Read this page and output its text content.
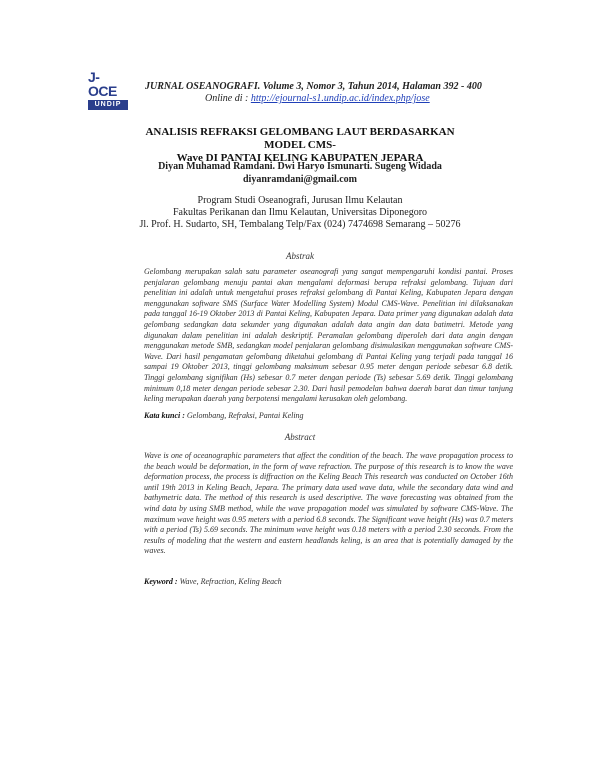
J-OCE
UNDIP
JURNAL OSEANOGRAFI. Volume 3, Nomor 3, Tahun 2014, Halaman 392 - 400
Online di : http://ejournal-s1.undip.ac.id/index.php/jose
ANALISIS REFRAKSI GELOMBANG LAUT BERDASARKAN MODEL CMS-
Wave DI PANTAI KELING KABUPATEN JEPARA
Diyan Muhamad Ramdani. Dwi Haryo Ismunarti. Sugeng Widada
diyanramdani@gmail.com
Program Studi Oseanografi, Jurusan Ilmu Kelautan
Fakultas Perikanan dan Ilmu Kelautan, Universitas Diponegoro
Jl. Prof. H. Sudarto, SH, Tembalang Telp/Fax (024) 7474698 Semarang – 50276
Abstrak

Gelombang merupakan salah satu parameter oseanografi yang sangat mempengaruhi kondisi pantai. Proses penjalaran gelombang menuju pantai akan mengalami deformasi berupa refraksi gelombang. Tujuan dari penelitian ini adalah untuk mengetahui proses refraksi gelombang di Pantai Keling, Kabupaten Jepara dengan menggunakan software SMS (Surface Water Modelling System) Modul CMS-Wave. Penelitian ini dilaksanakan pada tanggal 16-19 Oktober 2013 di Pantai Keling, Kabupaten Jepara. Data primer yang digunakan adalah data gelombang sedangkan data sekunder yang digunakan adalah data angin dan data batimetri. Metode yang digunakan dalam penelitian ini adalah deskriptif. Peramalan gelombang diperoleh dari data angin dengan menggunakan metode SMB, sedangkan model penjalaran gelombang disimulasikan menggunakan software CMS-Wave. Dari hasil pengamatan gelombang diketahui gelombang di Pantai Keling yang terjadi pada tanggal 16 sampai 19 Oktober 2013, tinggi gelombang maksimum sebesar 0.95 meter dengan periode sebesar 6.8 detik. Tinggi gelombang signifikan (Hs) sebesar 0.7 meter dengan periode (Ts) sebesar 5.69 detik. Tinggi gelombang minimum 0,18 meter dengan periode sebesar 2.30. Dari hasil pemodelan bahwa daerah barat dan timur tanjung keling merupakan daerah yang berpotensi mengalami kerusakan oleh gelombang.

Kata kunci : Gelombang, Refraksi, Pantai Keling
Abstract

Wave is one of oceanographic parameters that affect the condition of the beach. The wave propagation process to the beach would be deformation, in the form of wave refraction. The purpose of this research is to know the wave deformation process, the process is diffraction on the Keling Beach This research was conducted on October 16th until 19th 2013 in Keling Beach, Jepara. The primary data used wave data, while the secondary data wind and bathymetric data. The method of this research is used descriptive. The wave forecasting was obtained from the wind data by using SMB method, while the wave propagation model was simulated by software CMS-Wave. The maximum wave height was 0.95 meters with a period 6.8 seconds. The Significant wave height (Hs) was 0.7 meters with a period (Ts) 5.69 seconds. The minimum wave height was 0.18 meters with a period 2.30 seconds. From the results of modeling that the western and eastern headlands keling, is an area that is potentially damaged by the waves.

Keyword : Wave, Refraction, Keling Beach
